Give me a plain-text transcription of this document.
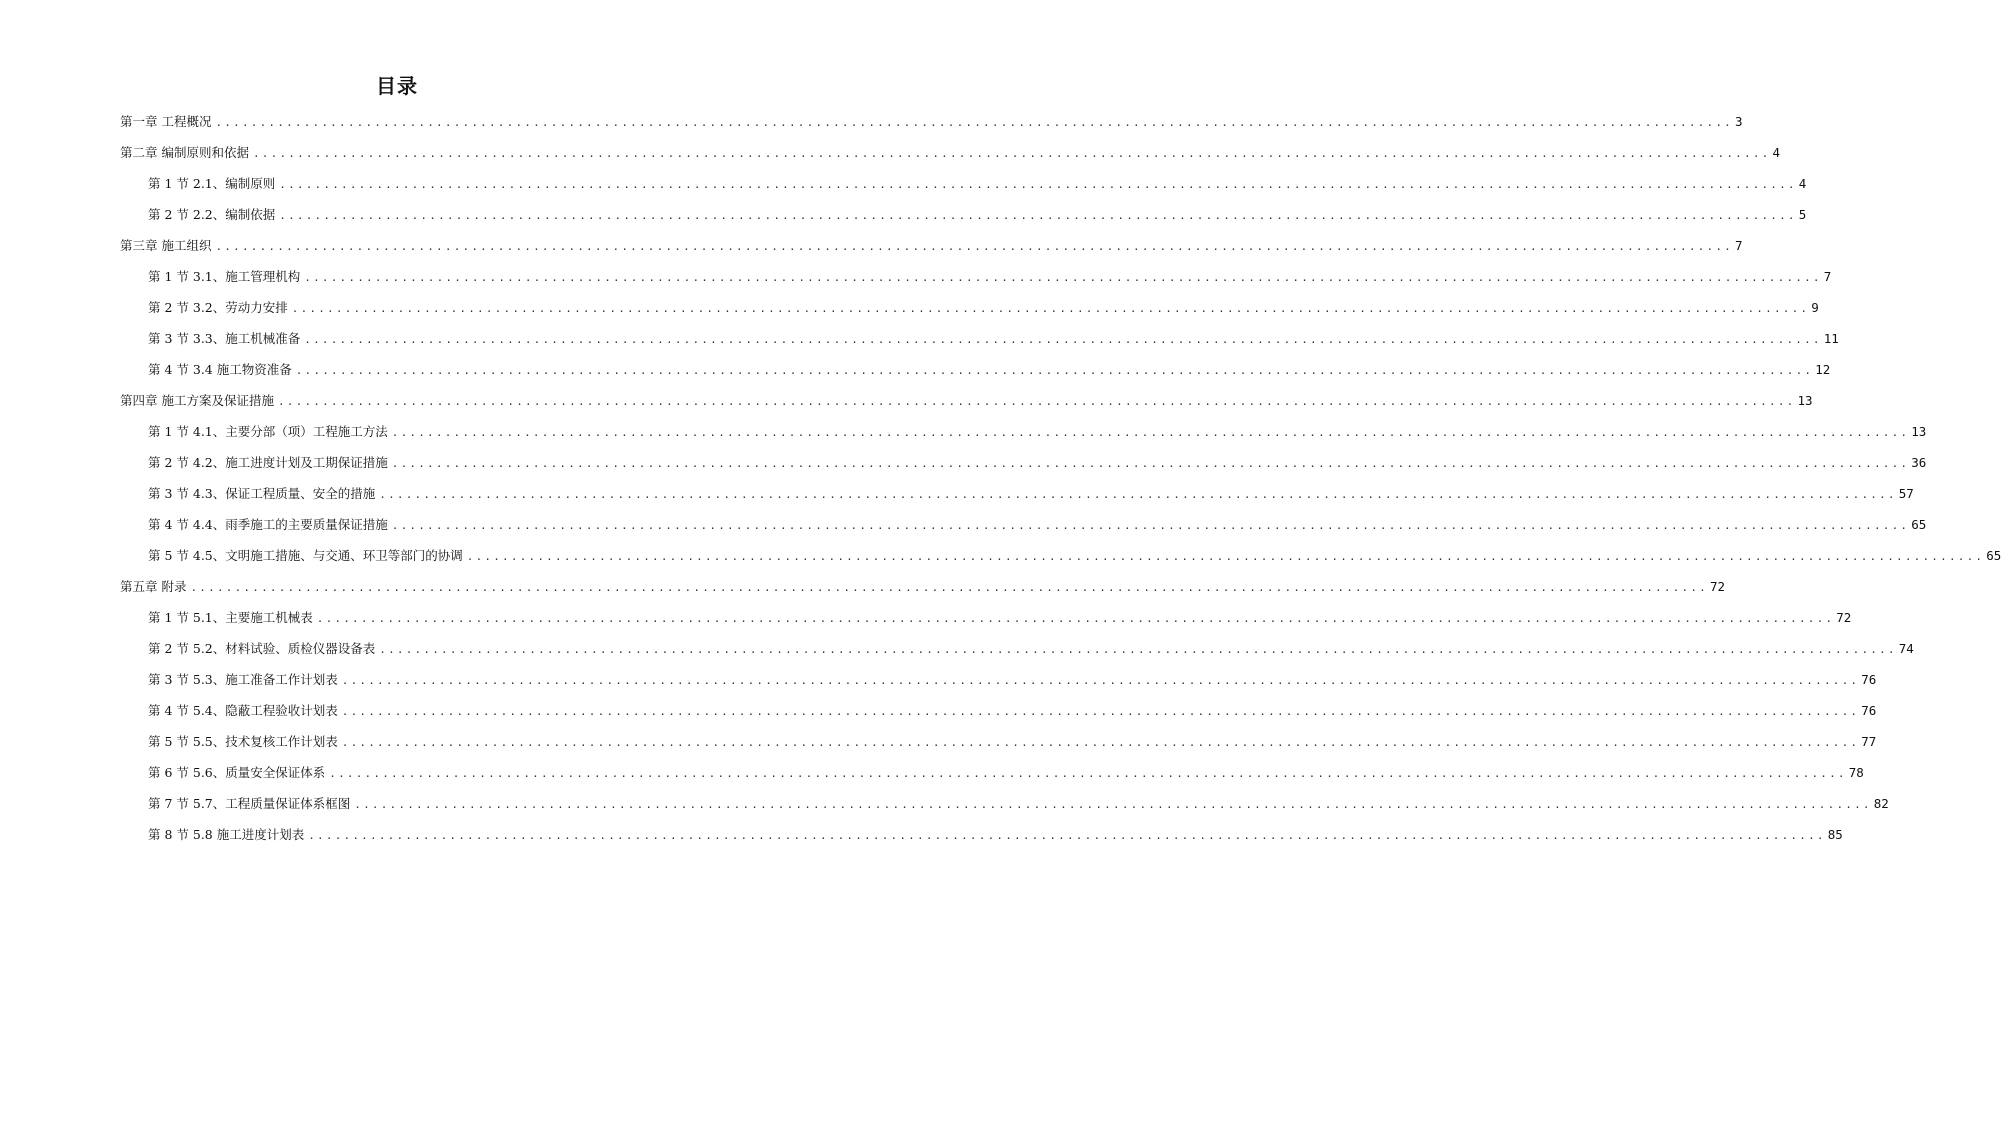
目录
第一章 工程概况 ............................................................................................................................................................................ 3
第二章 编制原则和依据 ............................................................................................................................................................................ 4
第 1 节 2.1、编制原则 ............................................................................................................................................................................ 4
第 2 节 2.2、编制依据 ............................................................................................................................................................................ 5
第三章 施工组织 ............................................................................................................................................................................ 7
第 1 节 3.1、施工管理机构 ............................................................................................................................................................................ 7
第 2 节 3.2、劳动力安排 ............................................................................................................................................................................ 9
第 3 节 3.3、施工机械准备 ............................................................................................................................................................................ 11
第 4 节 3.4 施工物资准备 ............................................................................................................................................................................ 12
第四章 施工方案及保证措施 ............................................................................................................................................................................ 13
第 1 节 4.1、主要分部（项）工程施工方法 ............................................................................................................................................................................ 13
第 2 节 4.2、施工进度计划及工期保证措施 ............................................................................................................................................................................ 36
第 3 节 4.3、保证工程质量、安全的措施 ............................................................................................................................................................................ 57
第 4 节 4.4、雨季施工的主要质量保证措施 ............................................................................................................................................................................ 65
第 5 节 4.5、文明施工措施、与交通、环卫等部门的协调 ............................................................................................................................................................................ 65
第五章 附录 ............................................................................................................................................................................ 72
第 1 节 5.1、主要施工机械表 ............................................................................................................................................................................ 72
第 2 节 5.2、材料试验、质检仪器设备表 ............................................................................................................................................................................ 74
第 3 节 5.3、施工准备工作计划表 ............................................................................................................................................................................ 76
第 4 节 5.4、隐蔽工程验收计划表 ............................................................................................................................................................................ 76
第 5 节 5.5、技术复核工作计划表 ............................................................................................................................................................................ 77
第 6 节 5.6、质量安全保证体系 ............................................................................................................................................................................ 78
第 7 节 5.7、工程质量保证体系框图 ............................................................................................................................................................................ 82
第 8 节 5.8 施工进度计划表 ............................................................................................................................................................................ 85
